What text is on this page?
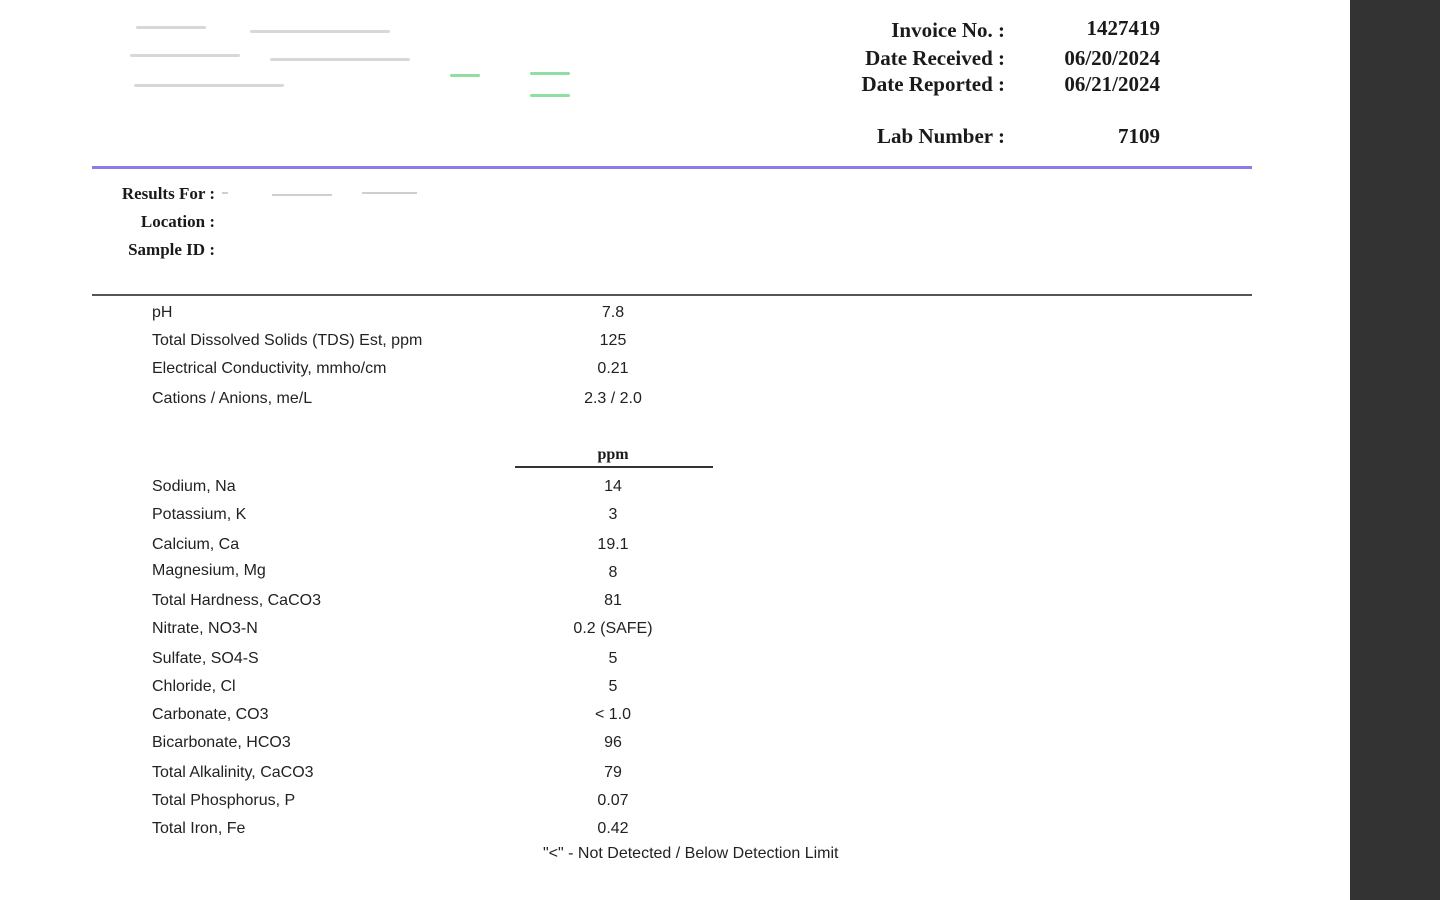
Invoice No. :	1427419
Date Received :	06/20/2024
Date Reported :	06/21/2024
Lab Number :	7109
Results For :
Location :
Sample ID :
pH	7.8
Total Dissolved Solids (TDS) Est, ppm	125
Electrical Conductivity, mmho/cm	0.21
Cations / Anions, me/L	2.3 / 2.0
ppm
Sodium, Na	14
Potassium, K	3
Calcium, Ca	19.1
Magnesium, Mg	8
Total Hardness, CaCO3	81
Nitrate, NO3-N	0.2 (SAFE)
Sulfate, SO4-S	5
Chloride, Cl	5
Carbonate, CO3	< 1.0
Bicarbonate, HCO3	96
Total Alkalinity, CaCO3	79
Total Phosphorus, P	0.07
Total Iron, Fe	0.42
"<" - Not Detected / Below Detection Limit
